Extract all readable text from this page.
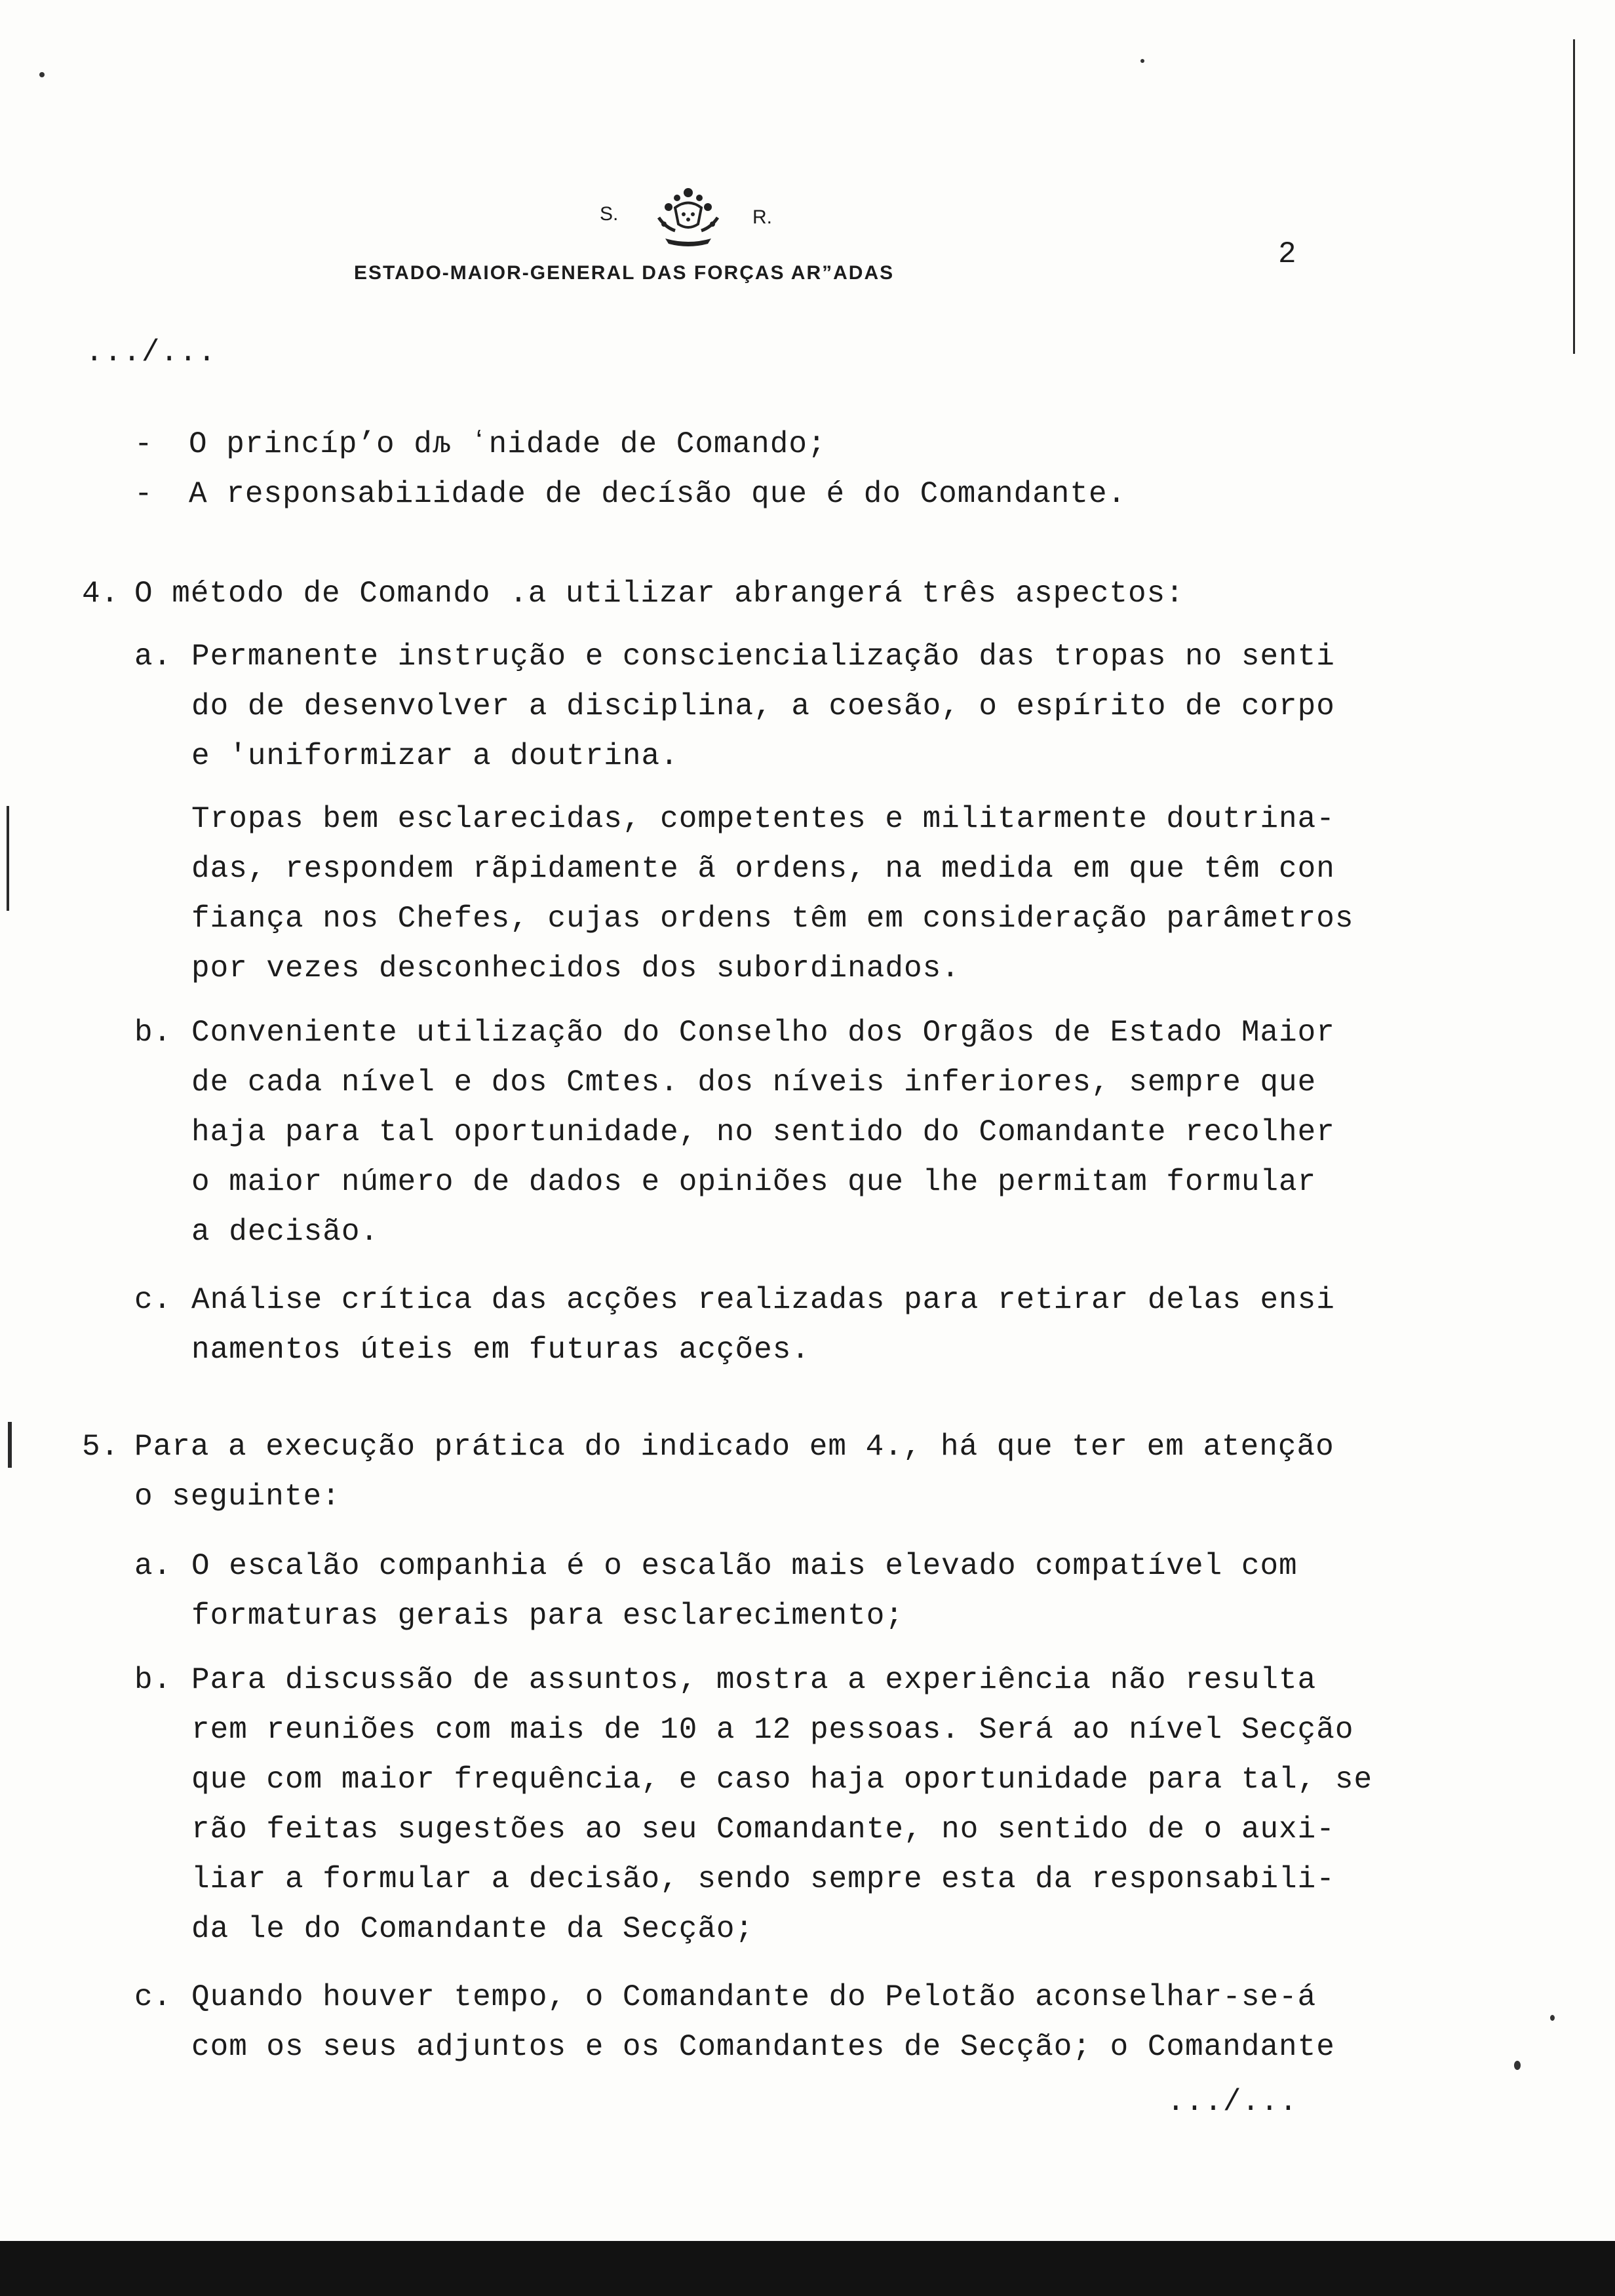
S.	R.
ESTADO-MAIOR-GENERAL DAS FORÇAS AR”ADAS
2
.../...
- O princíp’o dљ ʻnidade de Comando;
- A responsabiıidade de decísão que é do Comandante.
4. O método de Comando .a utilizar abrangerá três aspectos:
a. Permanente instrução e consciencialização das tropas no senti
do de desenvolver a disciplina, a coesão, o espírito de corpo
e 'uniformizar a doutrina.
Tropas bem esclarecidas, competentes e militarmente doutrina-
das, respondem rãpidamente ã ordens, na medida em que têm con
fiança nos Chefes, cujas ordens têm em consideração parâmetros
por vezes desconhecidos dos subordinados.
b. Conveniente utilização do Conselho dos Orgãos de Estado Maior
de cada nível e dos Cmtes. dos níveis inferiores, sempre que
haja para tal oportunidade, no sentido do Comandante recolher
o maior número de dados e opiniões que lhe permitam formular
a decisão.
c. Análise crítica das acções realizadas para retirar delas ensi
namentos úteis em futuras acções.
5. Para a execução prática do indicado em 4., há que ter em atenção
o seguinte:
a. O escalão companhia é o escalão mais elevado compatível com
formaturas gerais para esclarecimento;
b. Para discussão de assuntos, mostra a experiência não resulta
rem reuniões com mais de 10 a 12 pessoas. Será ao nível Secção
que com maior frequência, e caso haja oportunidade para tal, se
rão feitas sugestões ao seu Comandante, no sentido de o auxi-
liar a formular a decisão, sendo sempre esta da responsabili-
da le do Comandante da Secção;
c. Quando houver tempo, o Comandante do Pelotão aconselhar-se-á
com os seus adjuntos e os Comandantes de Secção; o Comandante
.../...
